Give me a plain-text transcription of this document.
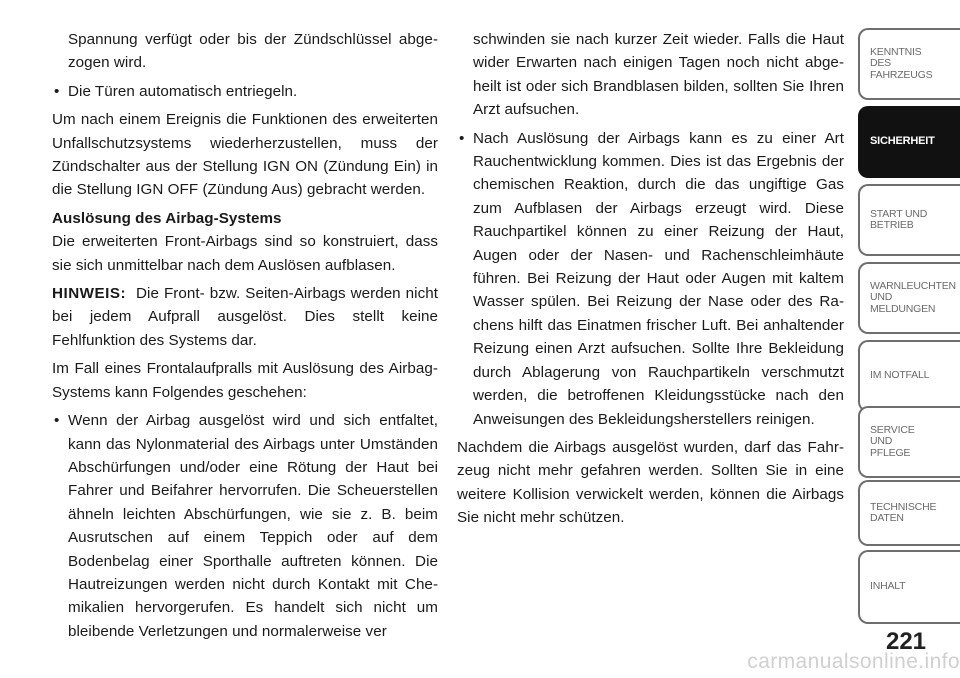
Spannung verfügt oder bis der Zündschlüssel abgezogen wird.
• Die Türen automatisch entriegeln.

Um nach einem Ereignis die Funktionen des erweiterten Unfallschutzsystems wiederherzustellen, muss der Zündschalter aus der Stellung IGN ON (Zündung Ein) in die Stellung IGN OFF (Zündung Aus) gebracht werden.

Auslösung des Airbag-Systems

Die erweiterten Front-Airbags sind so konstruiert, dass sie sich unmittelbar nach dem Auslösen aufblasen.

HINWEIS: Die Front- bzw. Seiten-Airbags werden nicht bei jedem Aufprall ausgelöst. Dies stellt keine Fehlfunktion des Systems dar.

Im Fall eines Frontalaufpralls mit Auslösung des Airbag-Systems kann Folgendes geschehen:

• Wenn der Airbag ausgelöst wird und sich entfaltet, kann das Nylonmaterial des Airbags unter Umständen Abschürfungen und/oder eine Rötung der Haut bei Fahrer und Beifahrer hervorrufen. Die Scheuerstellen ähneln leichten Abschürfungen, wie sie z. B. beim Ausrutschen auf einem Teppich oder auf dem Bodenbelag einer Sporthalle auftreten können. Die Hautreizungen werden nicht durch Kontakt mit Chemikalien hervorgerufen. Es handelt sich nicht um bleibende Verletzungen und normalerweise ver
schwinden sie nach kurzer Zeit wieder. Falls die Haut wider Erwarten nach einigen Tagen noch nicht abgeheilt ist oder sich Brandblasen bilden, sollten Sie Ihren Arzt aufsuchen.
• Nach Auslösung der Airbags kann es zu einer Art Rauchentwicklung kommen. Dies ist das Ergebnis der chemischen Reaktion, durch die das ungiftige Gas zum Aufblasen der Airbags erzeugt wird. Diese Rauchpartikel können zu einer Reizung der Haut, Augen oder der Nasen- und Rachenschleimhäute führen. Bei Reizung der Haut oder Augen mit kaltem Wasser spülen. Bei Reizung der Nase oder des Rachens hilft das Einatmen frischer Luft. Bei anhaltender Reizung einen Arzt aufsuchen. Sollte Ihre Bekleidung durch Ablagerung von Rauchpartikeln verschmutzt werden, die betroffenen Kleidungsstücke nach den Anweisungen des Bekleidungsherstellers reinigen.

Nachdem die Airbags ausgelöst wurden, darf das Fahrzeug nicht mehr gefahren werden. Sollten Sie in eine weitere Kollision verwickelt werden, können die Airbags Sie nicht mehr schützen.

KENNTNIS
DES
FAHRZEUGS
SICHERHEIT
START UND
BETRIEB
WARNLEUCHTEN
UND
MELDUNGEN
IM NOTFALL
SERVICE
UND
PFLEGE
TECHNISCHE
DATEN
INHALT
221
carmanualsonline.info
